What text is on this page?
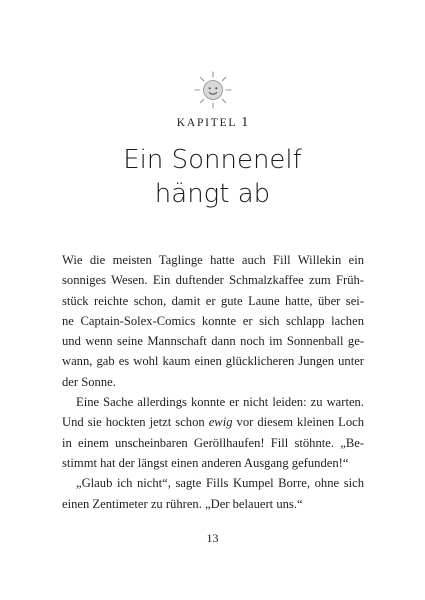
KAPITEL 1
Ein Sonnenelf
hängt ab
Wie die meisten Taglinge hatte auch Fill Willekin ein
sonniges Wesen. Ein duftender Schmalzkaffee zum Früh-
stück reichte schon, damit er gute Laune hatte, über sei-
ne Captain-Solex-Comics konnte er sich schlapp lachen
und wenn seine Mannschaft dann noch im Sonnenball ge-
wann, gab es wohl kaum einen glücklicheren Jungen unter
der Sonne.
Eine Sache allerdings konnte er nicht leiden: zu warten.
Und sie hockten jetzt schon ewig vor diesem kleinen Loch
in einem unscheinbaren Geröllhaufen! Fill stöhnte. „Be-
stimmt hat der längst einen anderen Ausgang gefunden!“
„Glaub ich nicht“, sagte Fills Kumpel Borre, ohne sich
einen Zentimeter zu rühren. „Der belauert uns.“
13
